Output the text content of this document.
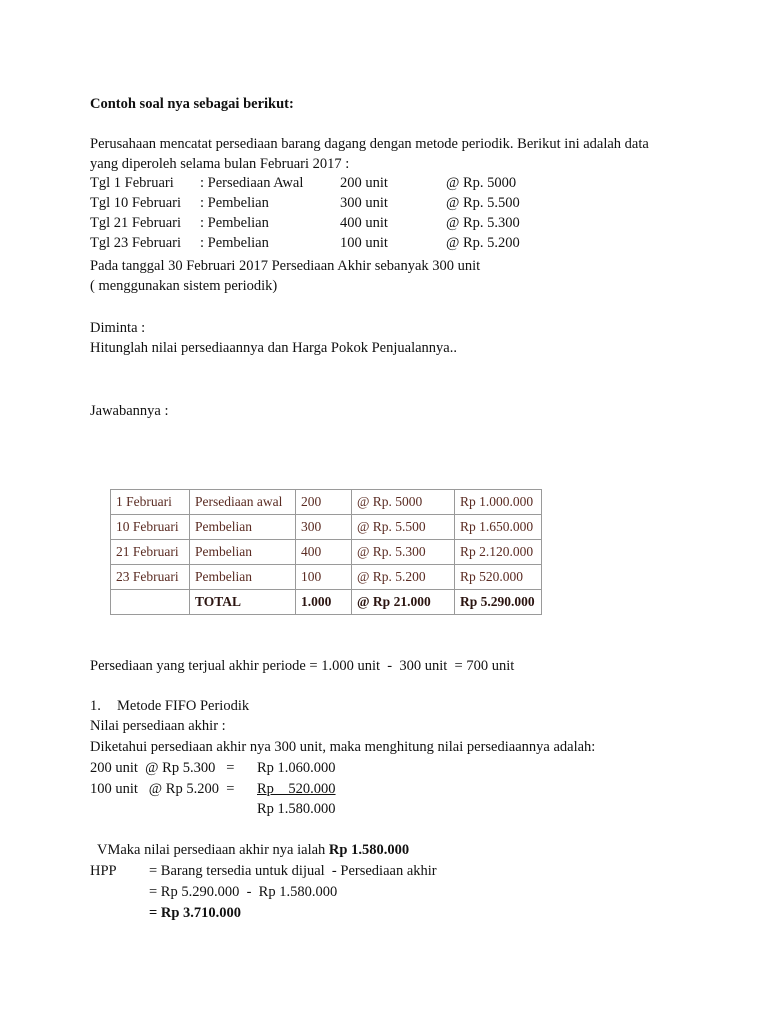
Contoh soal nya sebagai berikut:
Perusahaan mencatat persediaan barang dagang dengan metode periodik. Berikut ini adalah data
yang diperoleh selama bulan Februari 2017 :
Tgl 1 Februari : Persediaan Awal	200 unit	@ Rp. 5000
Tgl 10 Februari : Pembelian	300 unit	@ Rp. 5.500
Tgl 21 Februari : Pembelian	400 unit	@ Rp. 5.300
Tgl 23 Februari : Pembelian	100 unit	@ Rp. 5.200
Pada tanggal 30 Februari 2017 Persediaan Akhir sebanyak 300 unit
( menggunakan sistem periodik)
Diminta :
Hitunglah nilai persediaannya dan Harga Pokok Penjualannya..
Jawabannya :
1 Februari	Persediaan awal	200	@ Rp. 5000	Rp 1.000.000
10 Februari	Pembelian	300	@ Rp. 5.500	Rp 1.650.000
21 Februari	Pembelian	400	@ Rp. 5.300	Rp 2.120.000
23 Februari	Pembelian	100	@ Rp. 5.200	Rp 520.000
	TOTAL	1.000	@ Rp 21.000	Rp 5.290.000
Persediaan yang terjual akhir periode = 1.000 unit  -  300 unit  = 700 unit
1. Metode FIFO Periodik
Nilai persediaan akhir :
Diketahui persediaan akhir nya 300 unit, maka menghitung nilai persediaannya adalah:
200 unit  @ Rp 5.300   = Rp 1.060.000
100 unit   @ Rp 5.200  = Rp    520.000
Rp 1.580.000

VMaka nilai persediaan akhir nya ialah Rp 1.580.000

HPP = Barang tersedia untuk dijual  - Persediaan akhir
= Rp 5.290.000  -  Rp 1.580.000
= Rp 3.710.000
